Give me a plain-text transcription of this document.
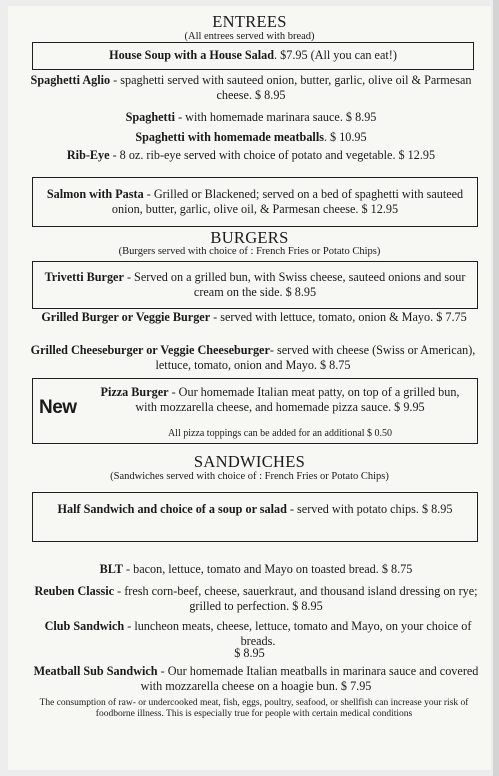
ENTREES
(All entrees served with bread)
House Soup with a House Salad. $7.95 (All you can eat!)
Spaghetti Aglio - spaghetti served with sauteed onion, butter, garlic, olive oil & Parmesan cheese. $ 8.95
Spaghetti - with homemade marinara sauce. $ 8.95
Spaghetti with homemade meatballs. $ 10.95
Rib-Eye - 8 oz. rib-eye served with choice of potato and vegetable. $ 12.95
Salmon with Pasta - Grilled or Blackened; served on a bed of spaghetti with sauteed onion, butter, garlic, olive oil, & Parmesan cheese. $ 12.95
BURGERS
(Burgers served with choice of : French Fries or Potato Chips)
Trivetti Burger - Served on a grilled bun, with Swiss cheese, sauteed onions and sour cream on the side. $ 8.95
Grilled Burger or Veggie Burger - served with lettuce, tomato, onion & Mayo. $ 7.75
Grilled Cheeseburger or Veggie Cheeseburger- served with cheese (Swiss or American), lettuce, tomato, onion and Mayo. $ 8.75
New
Pizza Burger - Our homemade Italian meat patty, on top of a grilled bun, with mozzarella cheese, and homemade pizza sauce. $ 9.95
All pizza toppings can be added for an additional $ 0.50
SANDWICHES
(Sandwiches served with choice of : French Fries or Potato Chips)
Half Sandwich and choice of a soup or salad - served with potato chips. $ 8.95
BLT - bacon, lettuce, tomato and Mayo on toasted bread. $ 8.75
Reuben Classic - fresh corn-beef, cheese, sauerkraut, and thousand island dressing on rye; grilled to perfection. $ 8.95
Club Sandwich - luncheon meats, cheese, lettuce, tomato and Mayo, on your choice of breads.
$ 8.95
Meatball Sub Sandwich - Our homemade Italian meatballs in marinara sauce and covered with mozzarella cheese on a hoagie bun. $ 7.95
The consumption of raw- or undercooked meat, fish, eggs, poultry, seafood, or shellfish can increase your risk of foodborne illness. This is especially true for people with certain medical conditions
